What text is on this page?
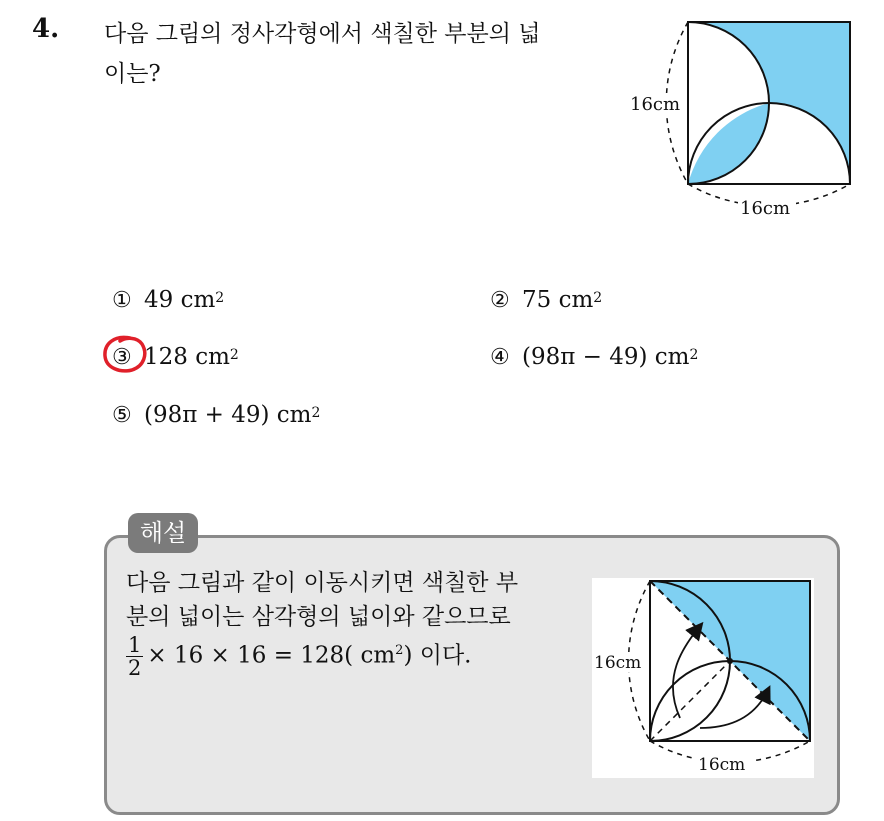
4. 다음 그림의 정사각형에서 색칠한 부분의 넓
이는?
16cm
16cm
① 49 $cm^2$	② 75 $cm^2$
③ 128 $cm^2$	④ (98π − 49) $cm^2$
⑤ (98π + 49) $cm^2$
해설
다음 그림과 같이 이동시키면 색칠한 부
분의 넓이는 삼각형의 넓이와 같으므로
$\frac{1}{2} \times 16 \times 16 = 128$( $cm^2$) 이다.	16cm
16cm
